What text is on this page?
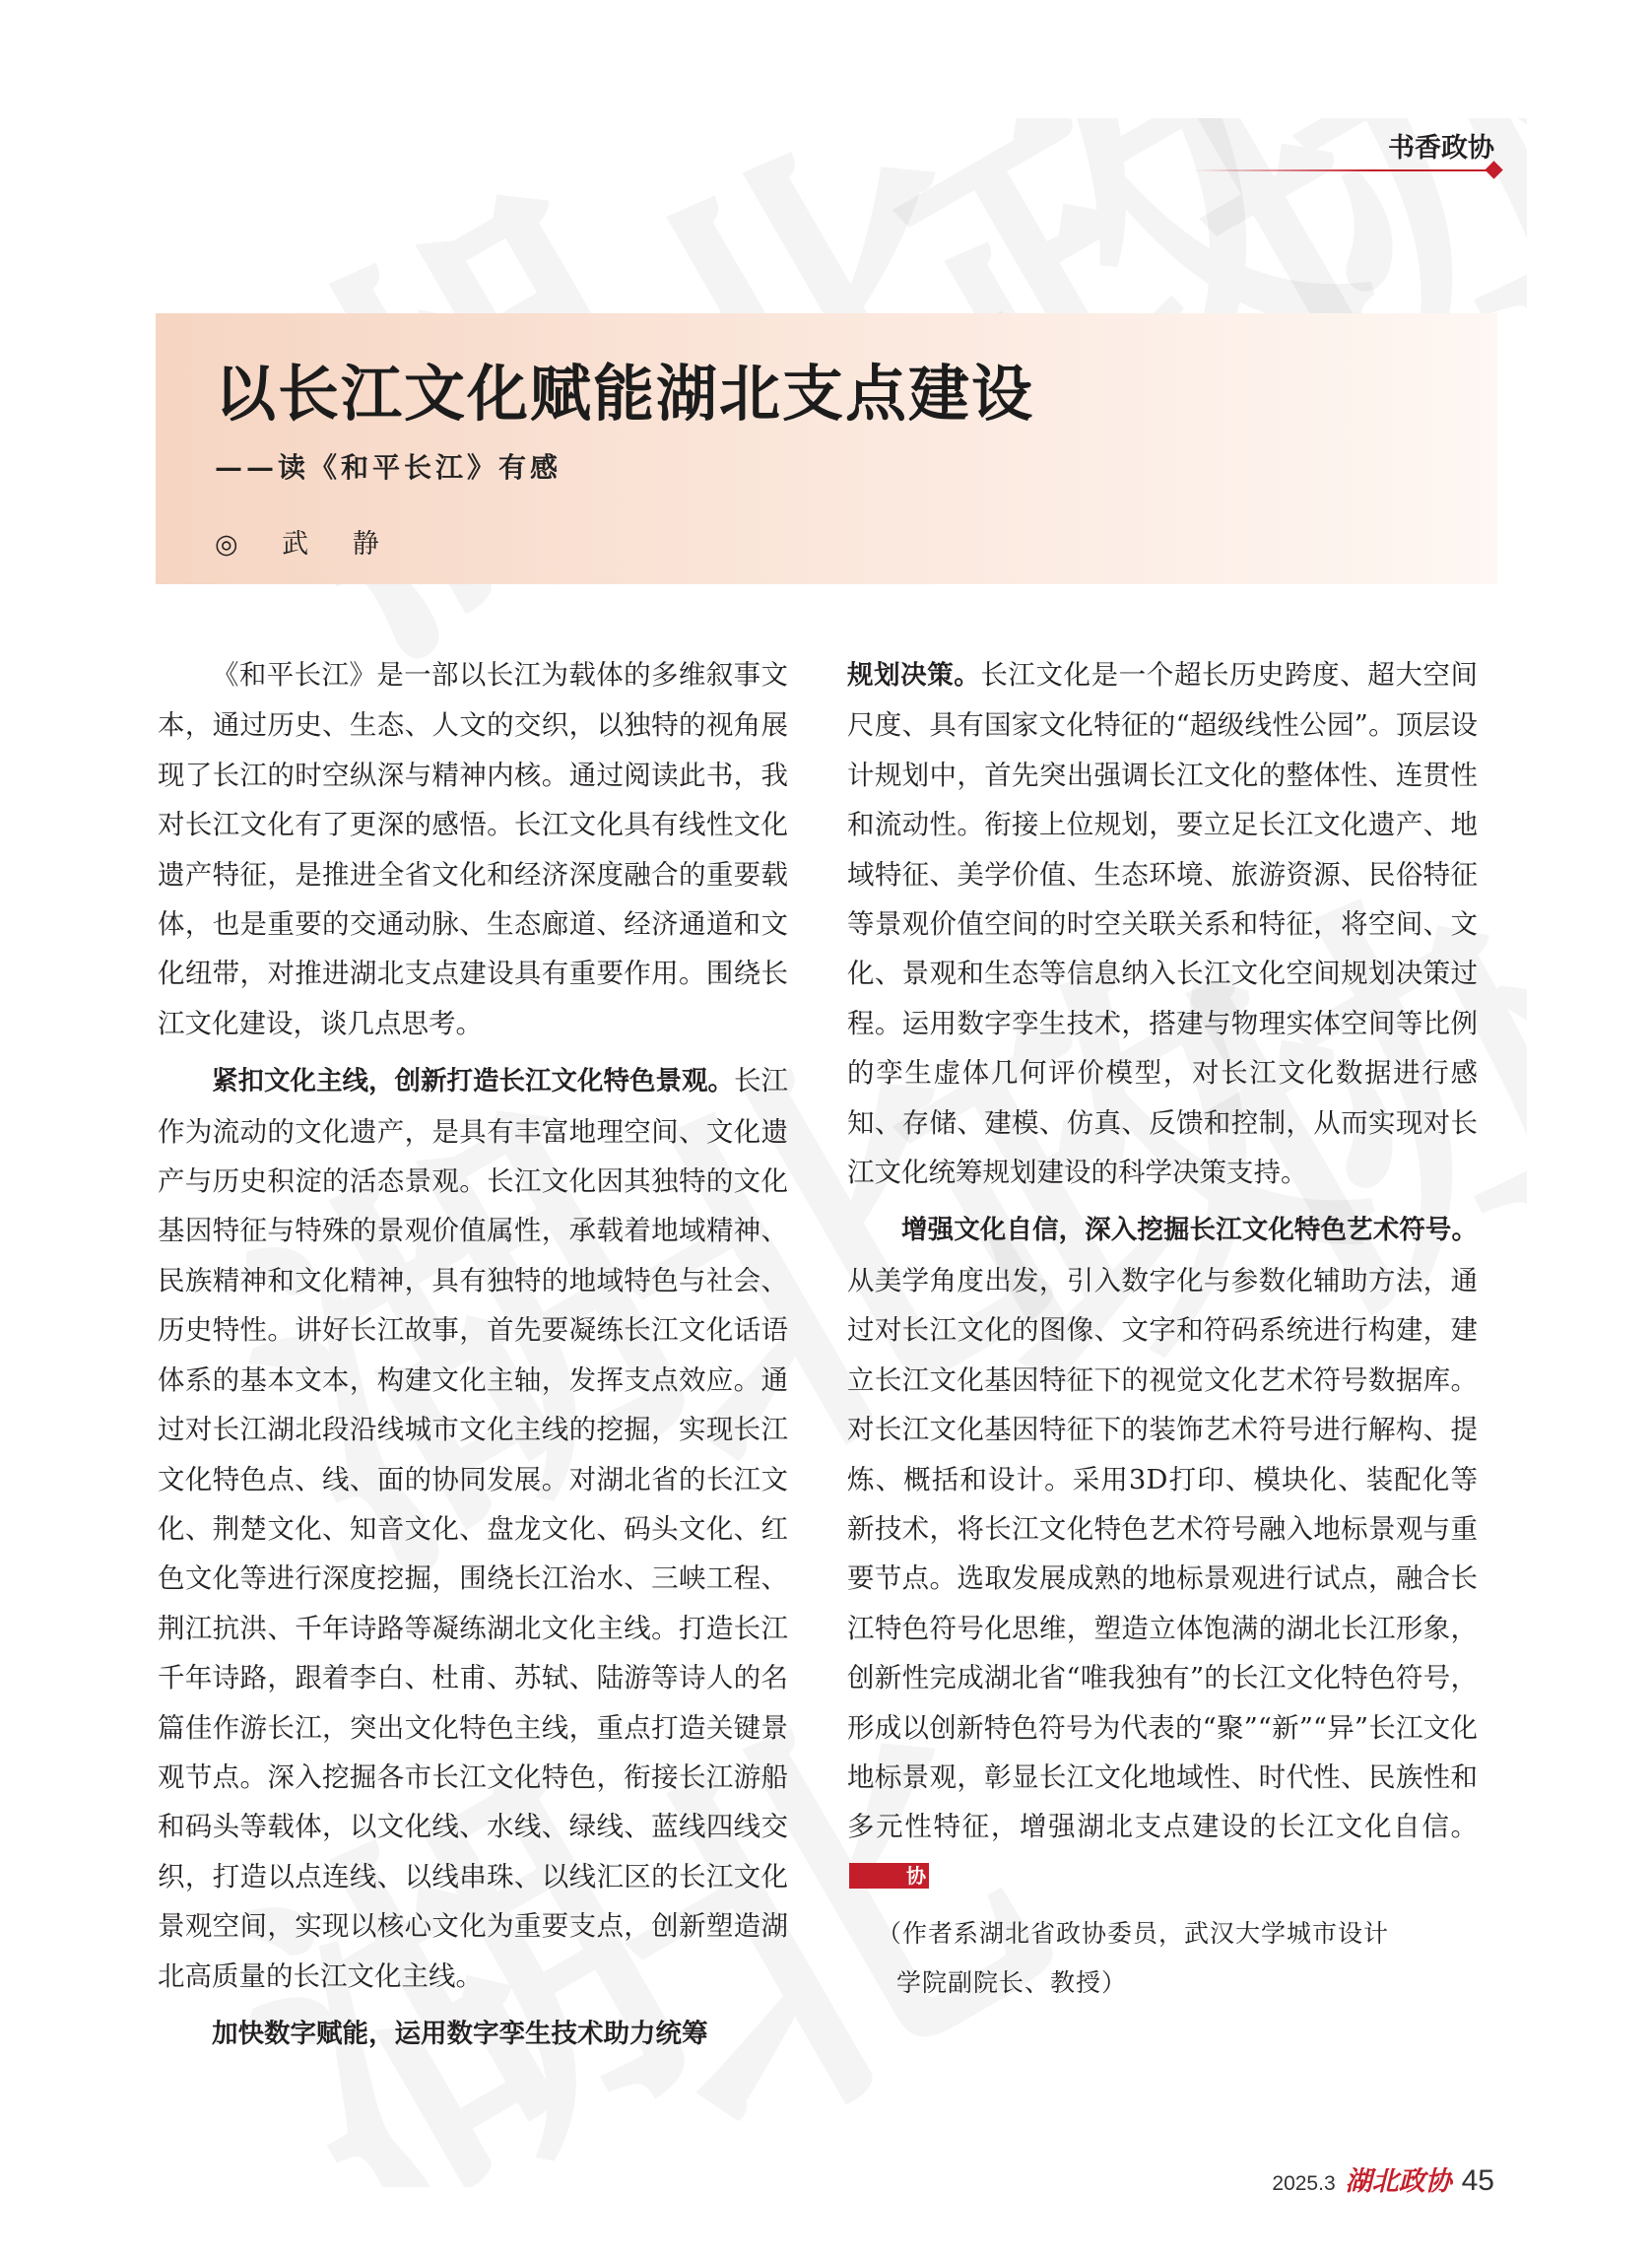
书香政协
以长江文化赋能湖北支点建设
——读《和平长江》有感
◎ 武 静

《和平长江》是一部以长江为载体的多维叙事文本，通过历史、生态、人文的交织，以独特的视角展现了长江的时空纵深与精神内核。通过阅读此书，我对长江文化有了更深的感悟。长江文化具有线性文化遗产特征，是推进全省文化和经济深度融合的重要载体，也是重要的交通动脉、生态廊道、经济通道和文化纽带，对推进湖北支点建设具有重要作用。围绕长江文化建设，谈几点思考。

紧扣文化主线，创新打造长江文化特色景观。长江作为流动的文化遗产，是具有丰富地理空间、文化遗产与历史积淀的活态景观。长江文化因其独特的文化基因特征与特殊的景观价值属性，承载着地域精神、民族精神和文化精神，具有独特的地域特色与社会、历史特性。讲好长江故事，首先要凝练长江文化话语体系的基本文本，构建文化主轴，发挥支点效应。通过对长江湖北段沿线城市文化主线的挖掘，实现长江文化特色点、线、面的协同发展。对湖北省的长江文化、荆楚文化、知音文化、盘龙文化、码头文化、红色文化等进行深度挖掘，围绕长江治水、三峡工程、荆江抗洪、千年诗路等凝练湖北文化主线。打造长江千年诗路，跟着李白、杜甫、苏轼、陆游等诗人的名篇佳作游长江，突出文化特色主线，重点打造关键景观节点。深入挖掘各市长江文化特色，衔接长江游船和码头等载体，以文化线、水线、绿线、蓝线四线交织，打造以点连线、以线串珠、以线汇区的长江文化景观空间，实现以核心文化为重要支点，创新塑造湖北高质量的长江文化主线。

加快数字赋能，运用数字孪生技术助力统筹

规划决策。长江文化是一个超长历史跨度、超大空间尺度、具有国家文化特征的“超级线性公园”。顶层设计规划中，首先突出强调长江文化的整体性、连贯性和流动性。衔接上位规划，要立足长江文化遗产、地域特征、美学价值、生态环境、旅游资源、民俗特征等景观价值空间的时空关联关系和特征，将空间、文化、景观和生态等信息纳入长江文化空间规划决策过程。运用数字孪生技术，搭建与物理实体空间等比例的孪生虚体几何评价模型，对长江文化数据进行感知、存储、建模、仿真、反馈和控制，从而实现对长江文化统筹规划建设的科学决策支持。

增强文化自信，深入挖掘长江文化特色艺术符号。从美学角度出发，引入数字化与参数化辅助方法，通过对长江文化的图像、文字和符码系统进行构建，建立长江文化基因特征下的视觉文化艺术符号数据库。对长江文化基因特征下的装饰艺术符号进行解构、提炼、概括和设计。采用3D打印、模块化、装配化等新技术，将长江文化特色艺术符号融入地标景观与重要节点。选取发展成熟的地标景观进行试点，融合长江特色符号化思维，塑造立体饱满的湖北长江形象，创新性完成湖北省“唯我独有”的长江文化特色符号，形成以创新特色符号为代表的“聚”“新”“异”长江文化地标景观，彰显长江文化地域性、时代性、民族性和多元性特征，增强湖北支点建设的长江文化自信。协

（作者系湖北省政协委员，武汉大学城市设计

学院副院长、教授）

2025.3 湖北政协 45
